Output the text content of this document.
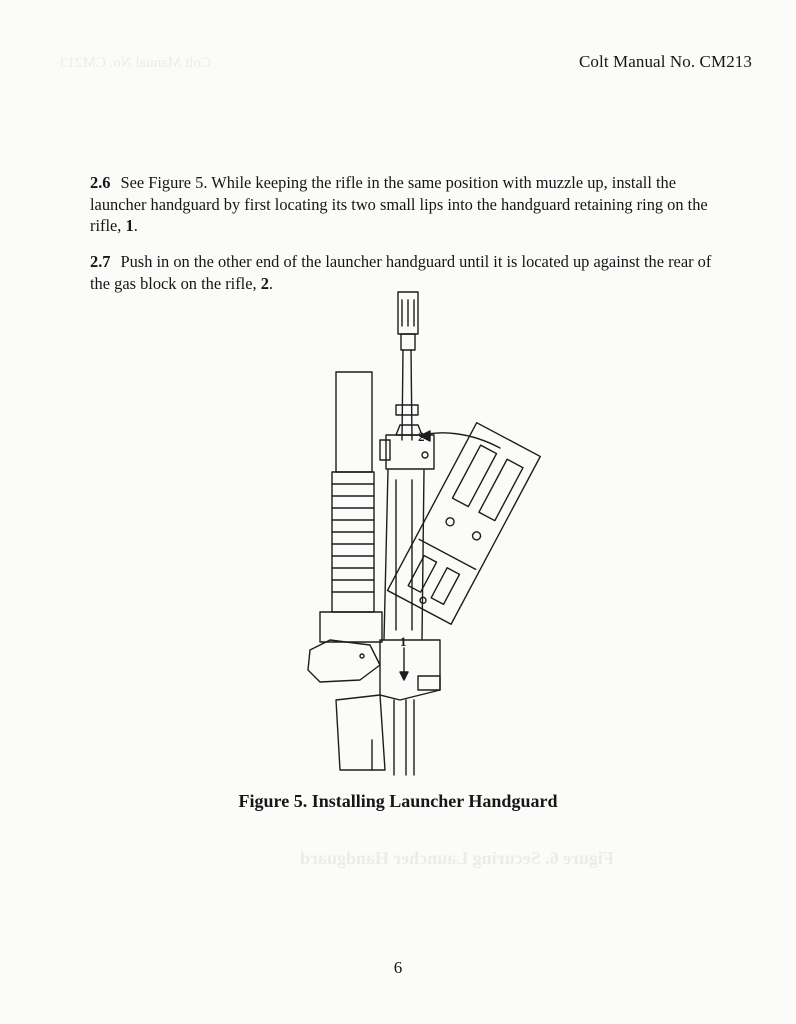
Colt Manual No. CM213
Figure 6. Securing Launcher Handguard
Colt Manual No. CM213
2.6 See Figure 5. While keeping the rifle in the same position with muzzle up, install the launcher handguard by first locating its two small lips into the handguard retaining ring on the rifle, 1.
2.7 Push in on the other end of the launcher handguard until it is located up against the rear of the gas block on the rifle, 2.
1
2
Figure 5. Installing Launcher Handguard
6
